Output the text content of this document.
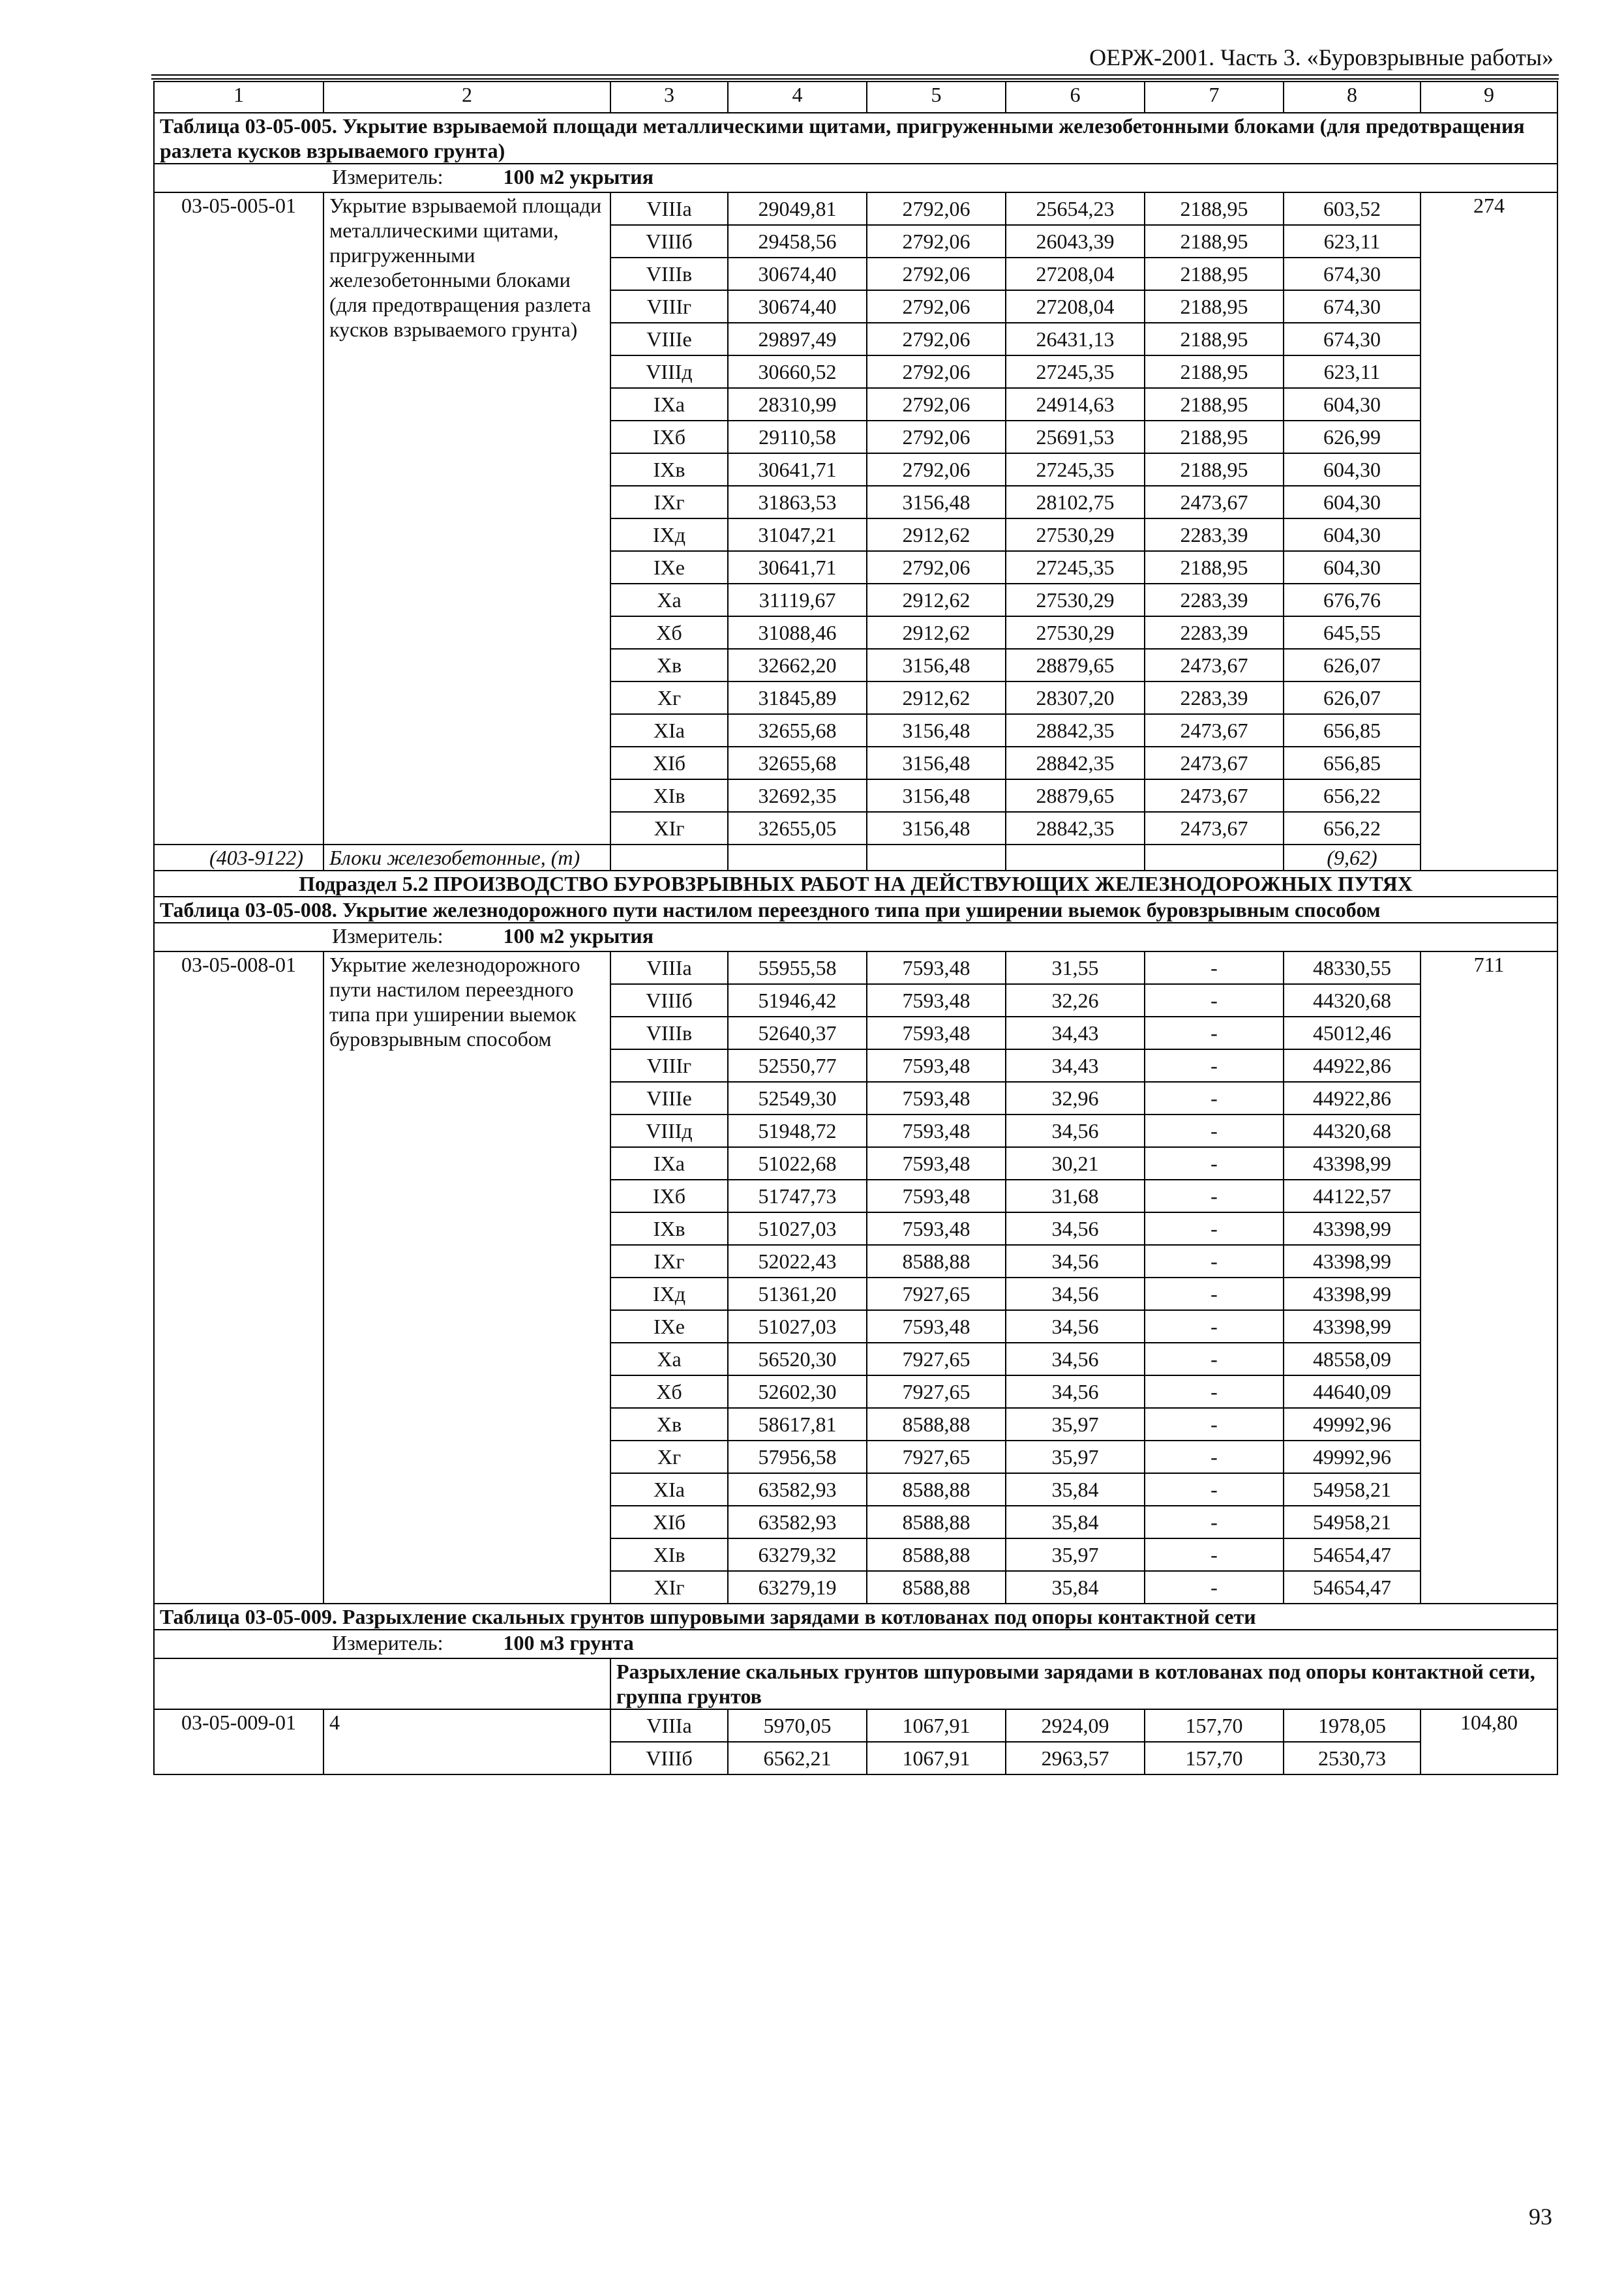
ОЕРЖ-2001. Часть 3. «Буровзрывные работы»
1	2	3	4	5	6	7	8	9
Таблица 03-05-005. Укрытие взрываемой площади металлическими щитами, пригруженными железобетонными блоками (для предотвращения разлета кусков взрываемого грунта)								
Измеритель: 100 м2 укрытия								
03-05-005-01	Укрытие взрываемой площади металлическими щитами, пригруженными железобетонными блоками (для предотвращения разлета кусков взрываемого грунта)	VIIIа	29049,81	2792,06	25654,23	2188,95	603,52	274
		VIIIб	29458,56	2792,06	26043,39	2188,95	623,11	
		VIIIв	30674,40	2792,06	27208,04	2188,95	674,30	
		VIIIг	30674,40	2792,06	27208,04	2188,95	674,30	
		VIIIе	29897,49	2792,06	26431,13	2188,95	674,30	
		VIIIд	30660,52	2792,06	27245,35	2188,95	623,11	
		IXа	28310,99	2792,06	24914,63	2188,95	604,30	
		IXб	29110,58	2792,06	25691,53	2188,95	626,99	
		IXв	30641,71	2792,06	27245,35	2188,95	604,30	
		IXг	31863,53	3156,48	28102,75	2473,67	604,30	
		IXд	31047,21	2912,62	27530,29	2283,39	604,30	
		IXе	30641,71	2792,06	27245,35	2188,95	604,30	
		Xа	31119,67	2912,62	27530,29	2283,39	676,76	
		Xб	31088,46	2912,62	27530,29	2283,39	645,55	
		Xв	32662,20	3156,48	28879,65	2473,67	626,07	
		Xг	31845,89	2912,62	28307,20	2283,39	626,07	
		XIа	32655,68	3156,48	28842,35	2473,67	656,85	
		XIб	32655,68	3156,48	28842,35	2473,67	656,85	
		XIв	32692,35	3156,48	28879,65	2473,67	656,22	
		XIг	32655,05	3156,48	28842,35	2473,67	656,22	
(403-9122)	Блоки железобетонные, (т)						(9,62)	
Подраздел 5.2 ПРОИЗВОДСТВО БУРОВЗРЫВНЫХ РАБОТ НА ДЕЙСТВУЮЩИХ ЖЕЛЕЗНОДОРОЖНЫХ ПУТЯХ								
Таблица 03-05-008. Укрытие железнодорожного пути настилом переездного типа при уширении выемок буровзрывным способом								
Измеритель: 100 м2 укрытия								
03-05-008-01	Укрытие железнодорожного пути настилом переездного типа при уширении выемок буровзрывным способом	VIIIа	55955,58	7593,48	31,55	-	48330,55	711
		VIIIб	51946,42	7593,48	32,26	-	44320,68	
		VIIIв	52640,37	7593,48	34,43	-	45012,46	
		VIIIг	52550,77	7593,48	34,43	-	44922,86	
		VIIIе	52549,30	7593,48	32,96	-	44922,86	
		VIIIд	51948,72	7593,48	34,56	-	44320,68	
		IXа	51022,68	7593,48	30,21	-	43398,99	
		IXб	51747,73	7593,48	31,68	-	44122,57	
		IXв	51027,03	7593,48	34,56	-	43398,99	
		IXг	52022,43	8588,88	34,56	-	43398,99	
		IXд	51361,20	7927,65	34,56	-	43398,99	
		IXе	51027,03	7593,48	34,56	-	43398,99	
		Xа	56520,30	7927,65	34,56	-	48558,09	
		Xб	52602,30	7927,65	34,56	-	44640,09	
		Xв	58617,81	8588,88	35,97	-	49992,96	
		Xг	57956,58	7927,65	35,97	-	49992,96	
		XIа	63582,93	8588,88	35,84	-	54958,21	
		XIб	63582,93	8588,88	35,84	-	54958,21	
		XIв	63279,32	8588,88	35,97	-	54654,47	
		XIг	63279,19	8588,88	35,84	-	54654,47	
Таблица 03-05-009. Разрыхление скальных грунтов шпуровыми зарядами в котлованах под опоры контактной сети								
Измеритель: 100 м3 грунта								
		Разрыхление скальных грунтов шпуровыми зарядами в котлованах под опоры контактной сети, группа грунтов						
03-05-009-01	4	VIIIа	5970,05	1067,91	2924,09	157,70	1978,05	104,80
		VIIIб	6562,21	1067,91	2963,57	157,70	2530,73	
93
